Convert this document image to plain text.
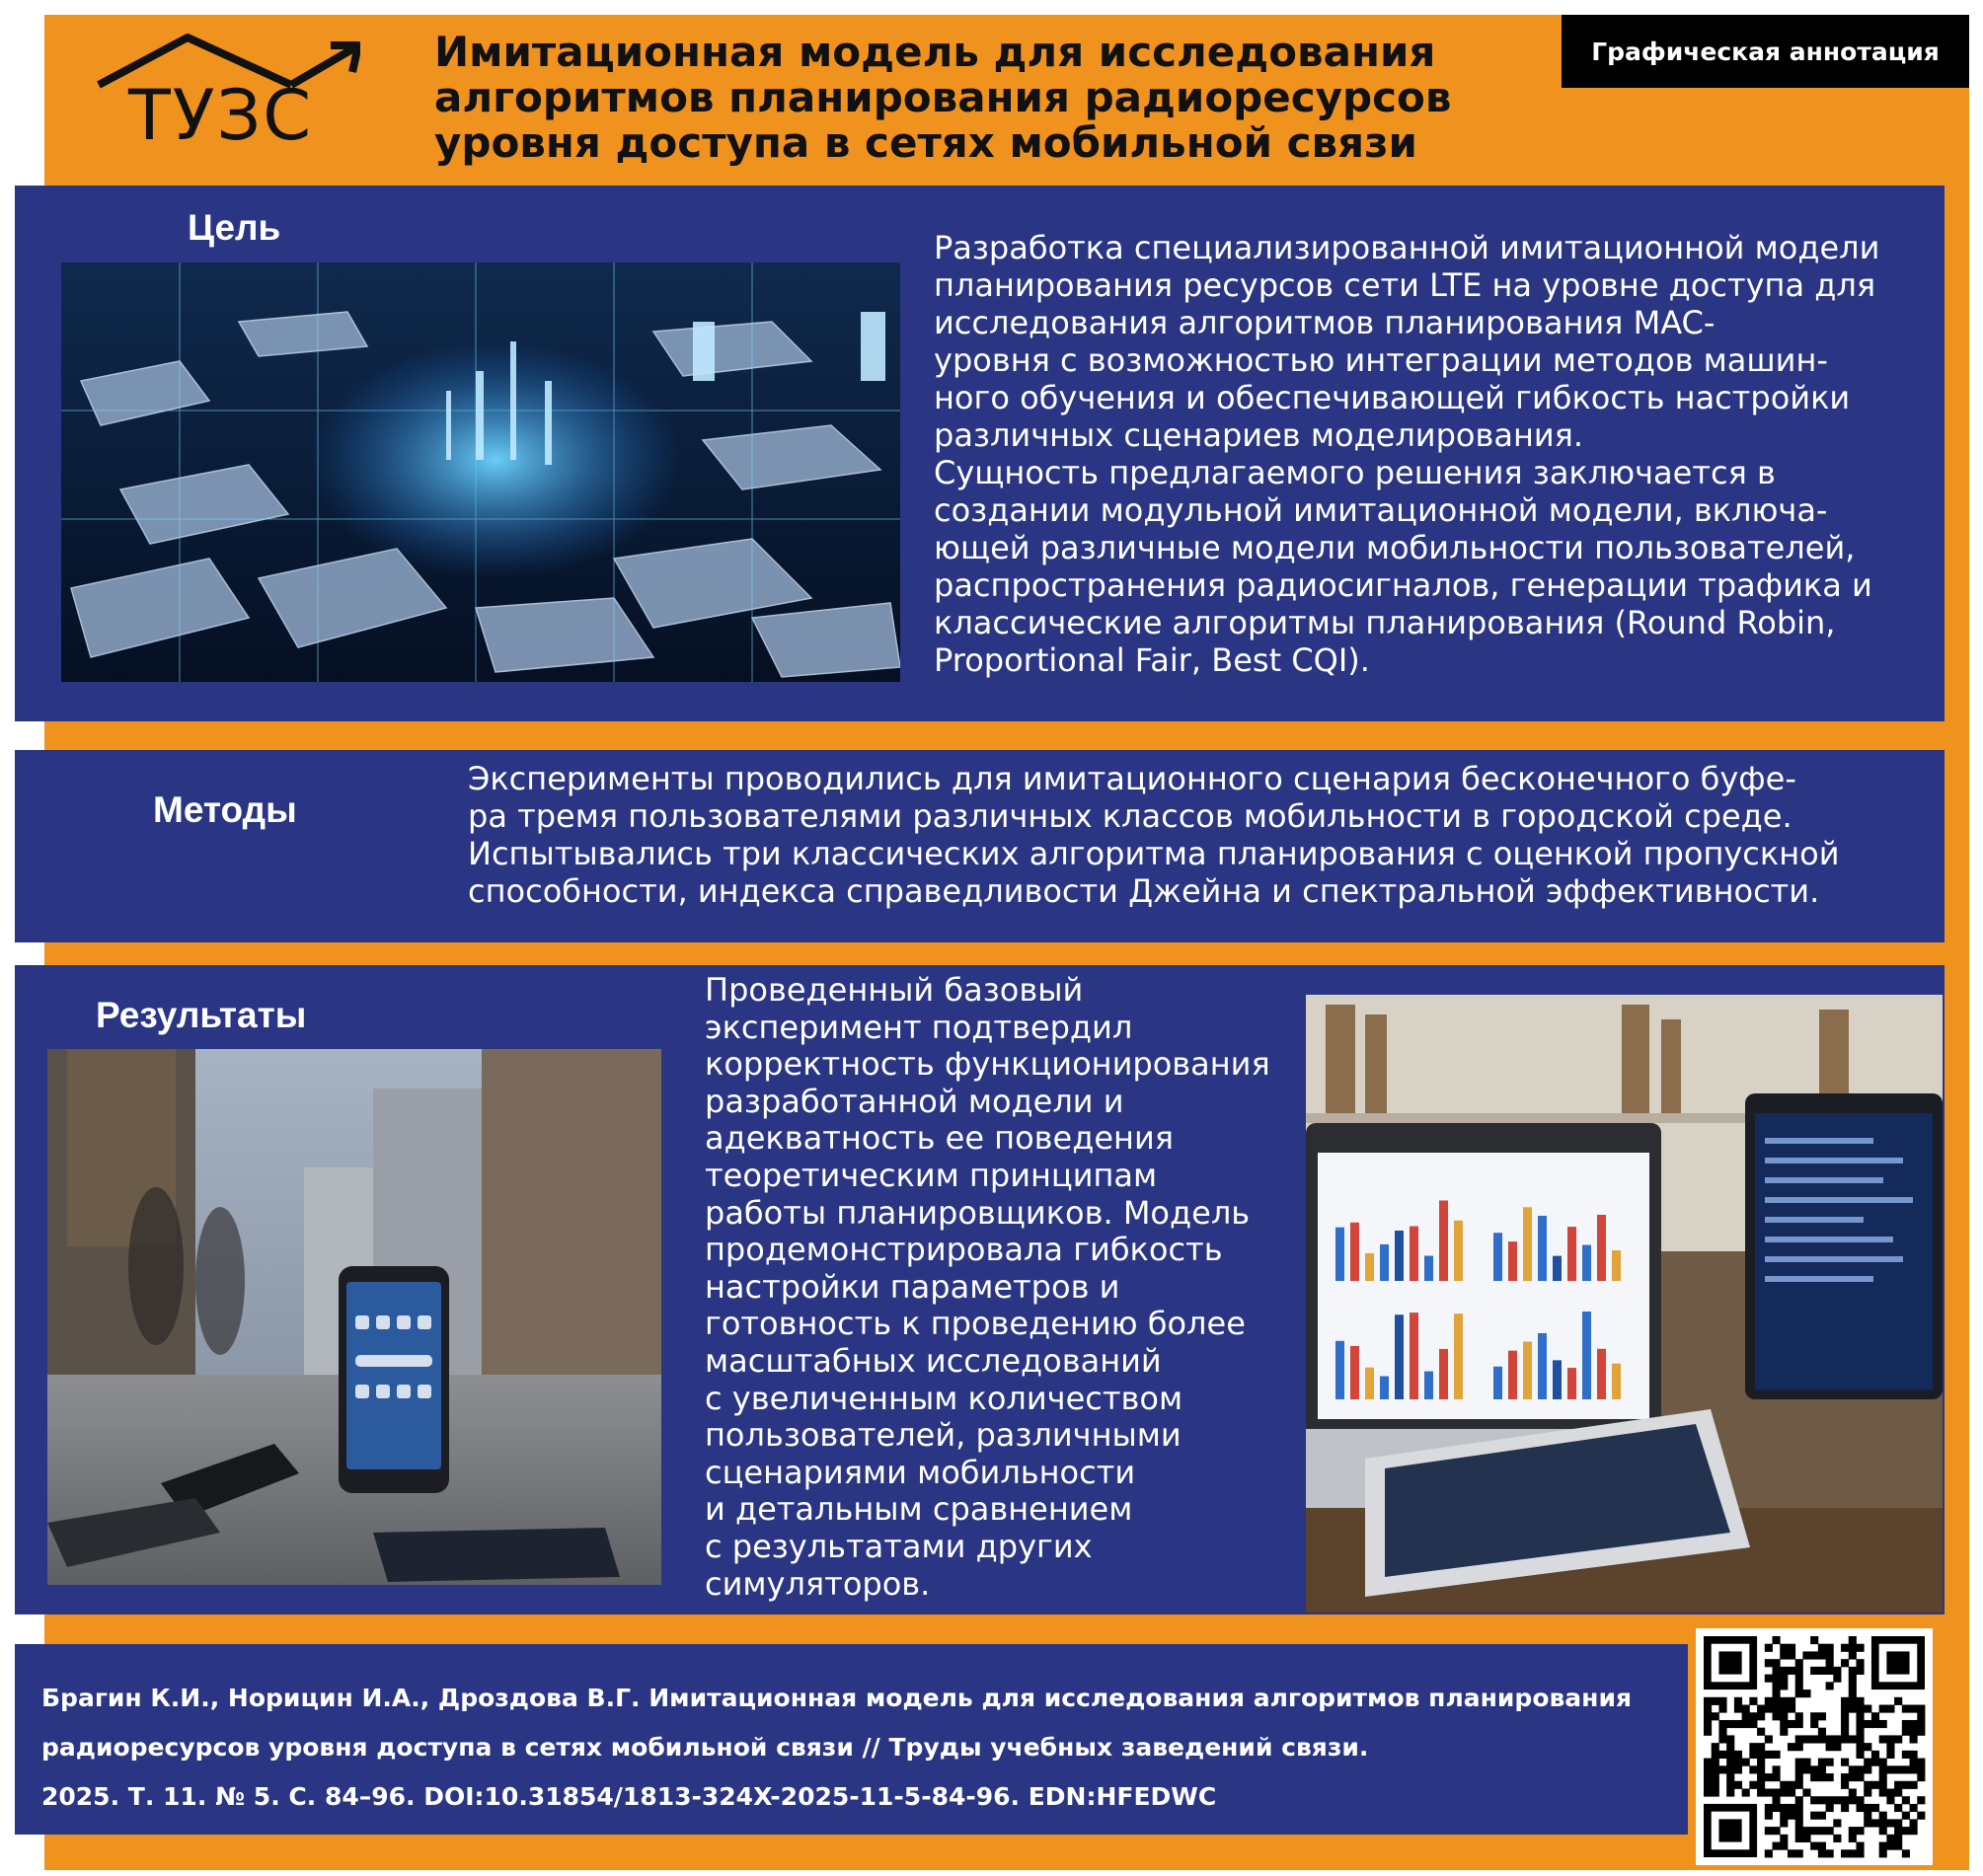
ТУЗС
Имитационная модель для исследования
алгоритмов планирования радиоресурсов
уровня доступа в сетях мобильной связи
Графическая аннотация
Цель	Разработка специализированной имитационной модели
планирования ресурсов сети LTE на уровне доступа для
исследования алгоритмов планирования MAC-
уровня с возможностью интеграции методов машин-
ного обучения и обеспечивающей гибкость настройки
различных сценариев моделирования.
Сущность предлагаемого решения заключается в
создании модульной имитационной модели, включа-
ющей различные модели мобильности пользователей,
распространения радиосигналов, генерации трафика и
классические алгоритмы планирования (Round Robin,
Proportional Fair, Best CQI).
Методы
Эксперименты проводились для имитационного сценария бесконечного буфе-
ра тремя пользователями различных классов мобильности в городской среде.
Испытывались три классических алгоритма планирования с оценкой пропускной
способности, индекса справедливости Джейна и спектральной эффективности.
Результаты
Проведенный базовый
эксперимент подтвердил
корректность функционирования
разработанной модели и
адекватность ее поведения
теоретическим принципам
работы планировщиков. Модель
продемонстрировала гибкость
настройки параметров и
готовность к проведению более
масштабных исследований
с увеличенным количеством
пользователей, различными
сценариями мобильности
и детальным сравнением
с результатами других
симуляторов.
Брагин К.И., Норицин И.А., Дроздова В.Г. Имитационная модель для исследования алгоритмов планирования
радиоресурсов уровня доступа в сетях мобильной связи // Труды учебных заведений связи.
2025. Т. 11. № 5. С. 84–96. DOI:10.31854/1813-324X-2025-11-5-84-96. EDN:HFEDWC
